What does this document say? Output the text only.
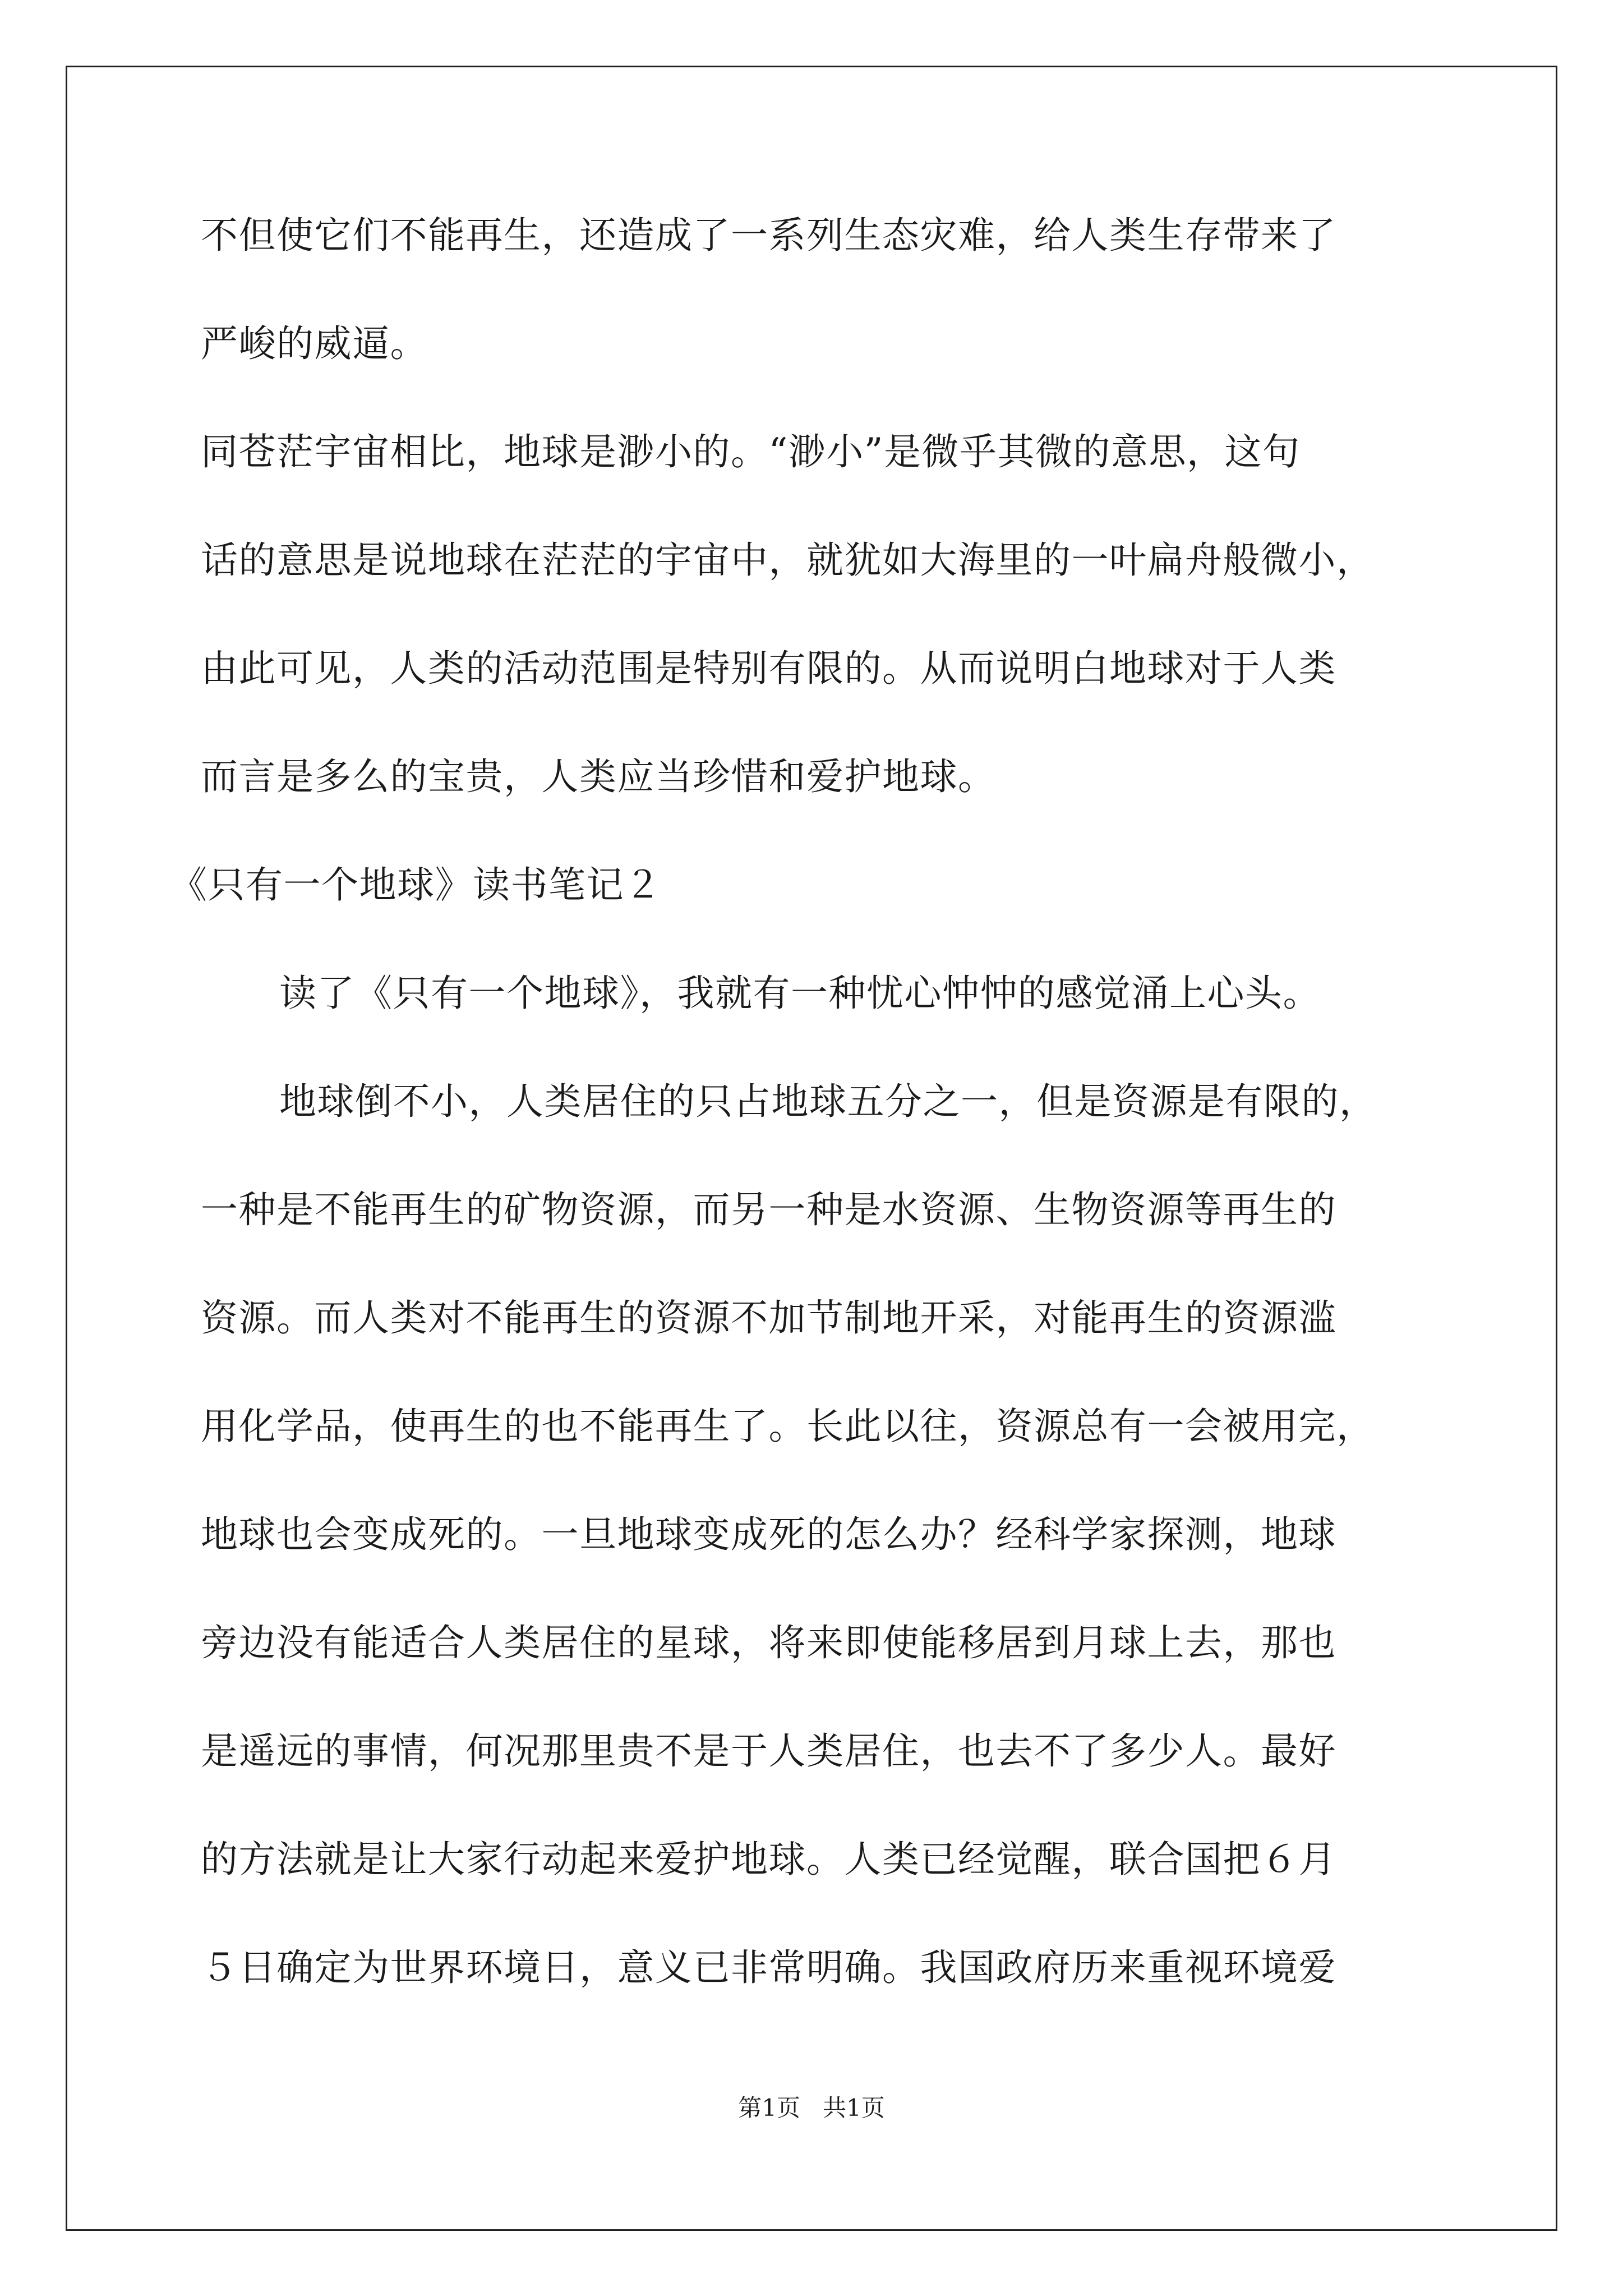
不但使它们不能再生，还造成了一系列生态灾难，给人类生存带来了
严峻的威逼。
同苍茫宇宙相比，地球是渺小的。“渺小”是微乎其微的意思，这句
话的意思是说地球在茫茫的宇宙中，就犹如大海里的一叶扁舟般微小，
由此可见，人类的活动范围是特别有限的。从而说明白地球对于人类
而言是多么的宝贵，人类应当珍惜和爱护地球。
《只有一个地球》读书笔记２
读了《只有一个地球》，我就有一种忧心忡忡的感觉涌上心头。
地球倒不小，人类居住的只占地球五分之一，但是资源是有限的，
一种是不能再生的矿物资源，而另一种是水资源、生物资源等再生的
资源。而人类对不能再生的资源不加节制地开采，对能再生的资源滥
用化学品，使再生的也不能再生了。长此以往，资源总有一会被用完，
地球也会变成死的。一旦地球变成死的怎么办？经科学家探测，地球
旁边没有能适合人类居住的星球，将来即使能移居到月球上去，那也
是遥远的事情，何况那里贵不是于人类居住，也去不了多少人。最好
的方法就是让大家行动起来爱护地球。人类已经觉醒，联合国把６月
５日确定为世界环境日，意义已非常明确。我国政府历来重视环境爱
第1页 共1页
